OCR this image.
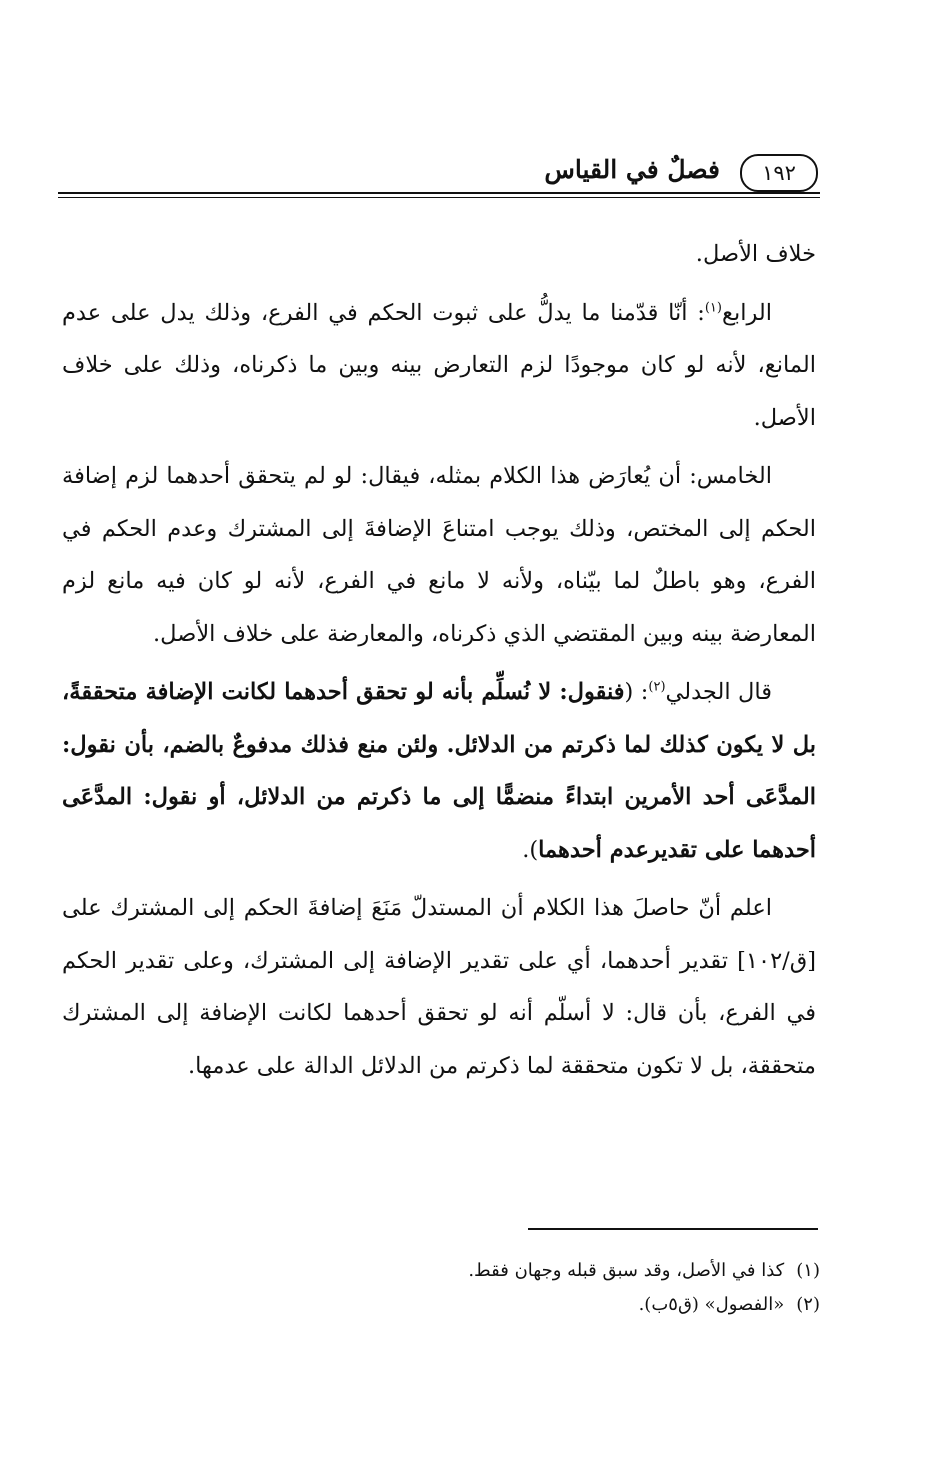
١٩٢
فصلٌ في القياس

خلاف الأصل.

الرابع$^{(١)}$: أنّا قدّمنا ما يدلُّ على ثبوت الحكم في الفرع، وذلك يدل على عدم المانع، لأنه لو كان موجودًا لزم التعارض بينه وبين ما ذكرناه، وذلك على خلاف الأصل.

الخامس: أن يُعارَض هذا الكلام بمثله، فيقال: لو لم يتحقق أحدهما لزم إضافة الحكم إلى المختص، وذلك يوجب امتناعَ الإضافةَ إلى المشترك وعدم الحكم في الفرع، وهو باطلٌ لما بيّناه، ولأنه لا مانع في الفرع، لأنه لو كان فيه مانع لزم المعارضة بينه وبين المقتضي الذي ذكرناه، والمعارضة على خلاف الأصل.

قال الجدلي$^{(٢)}$: (فنقول: لا نُسلِّم بأنه لو تحقق أحدهما لكانت الإضافة متحققةً، بل لا يكون كذلك لما ذكرتم من الدلائل. ولئن منع فذلك مدفوعٌ بالضم، بأن نقول: المدَّعَى أحد الأمرين ابتداءً منضمًّا إلى ما ذكرتم من الدلائل، أو نقول: المدَّعَى أحدهما على تقديرعدم أحدهما).

اعلم أنّ حاصلَ هذا الكلام أن المستدلّ مَنَعَ إضافةَ الحكم إلى المشترك على [ق/١٠٢] تقدير أحدهما، أي على تقدير الإضافة إلى المشترك، وعلى تقدير الحكم في الفرع، بأن قال: لا أسلّم أنه لو تحقق أحدهما لكانت الإضافة إلى المشترك متحققة، بل لا تكون متحققة لما ذكرتم من الدلائل الدالة على عدمها.

(١)كذا في الأصل، وقد سبق قبله وجهان فقط.
(٢)«الفصول» (ق٥ب).
